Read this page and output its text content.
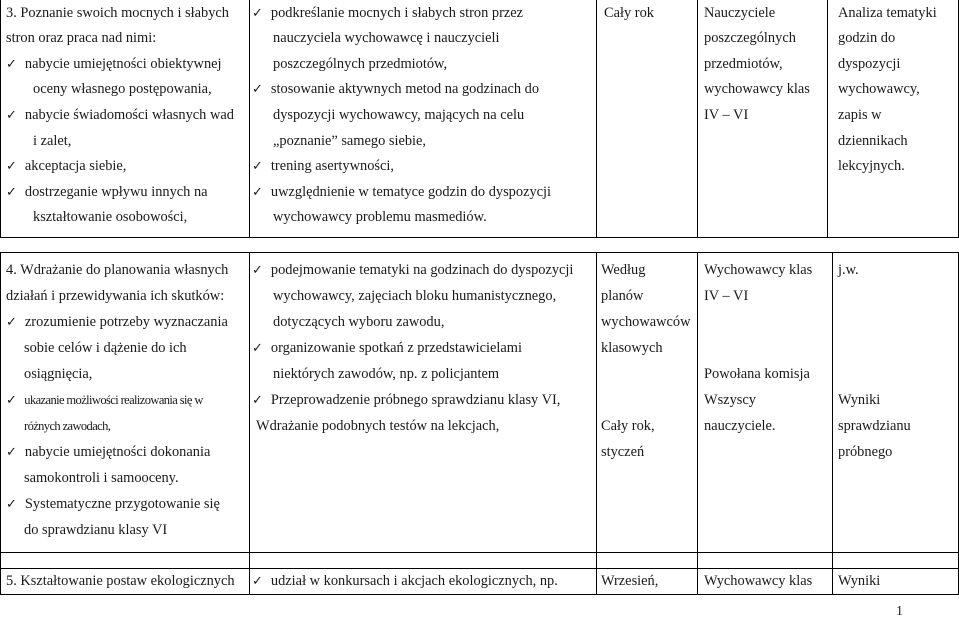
3. Poznanie swoich mocnych i słabych
stron oraz praca nad nimi:
✓ nabycie umiejętności obiektywnej
oceny własnego postępowania,
✓ nabycie świadomości własnych wad
i zalet,
✓ akceptacja siebie,
✓ dostrzeganie wpływu innych na
kształtowanie osobowości,
✓ podkreślanie mocnych i słabych stron przez
nauczyciela wychowawcę i nauczycieli
poszczególnych przedmiotów,
✓ stosowanie aktywnych metod na godzinach do
dyspozycji wychowawcy, mających na celu
„poznanie” samego siebie,
✓ trening asertywności,
✓ uwzględnienie w tematyce godzin do dyspozycji
wychowawcy problemu masmediów.
Cały rok	Nauczyciele
poszczególnych
przedmiotów,
wychowawcy klas
IV – VI
Analiza tematyki
godzin do
dyspozycji
wychowawcy,
zapis w
dziennikach
lekcyjnych.
4. Wdrażanie do planowania własnych
działań i przewidywania ich skutków:
✓ zrozumienie potrzeby wyznaczania
sobie celów i dążenie do ich
osiągnięcia,
✓ ukazanie możliwości realizowania się w
różnych zawodach,
✓ nabycie umiejętności dokonania
samokontroli i samooceny.
✓ Systematyczne przygotowanie się
do sprawdzianu klasy VI
✓ podejmowanie tematyki na godzinach do dyspozycji
wychowawcy, zajęciach bloku humanistycznego,
dotyczących wyboru zawodu,
✓ organizowanie spotkań z przedstawicielami
niektórych zawodów, np. z policjantem
✓ Przeprowadzenie próbnego sprawdzianu klasy VI,
Wdrażanie podobnych testów na lekcjach,
Według
planów
wychowawców
klasowych
Cały rok,
styczeń
Wychowawcy klas
IV – VI
Powołana komisja
Wszyscy
nauczyciele.
j.w.
Wyniki
sprawdzianu
próbnego
5. Kształtowanie postaw ekologicznych
✓	udział w konkursach i akcjach ekologicznych, np.	Wrzesień,	Wychowawcy klas Wyniki
1
